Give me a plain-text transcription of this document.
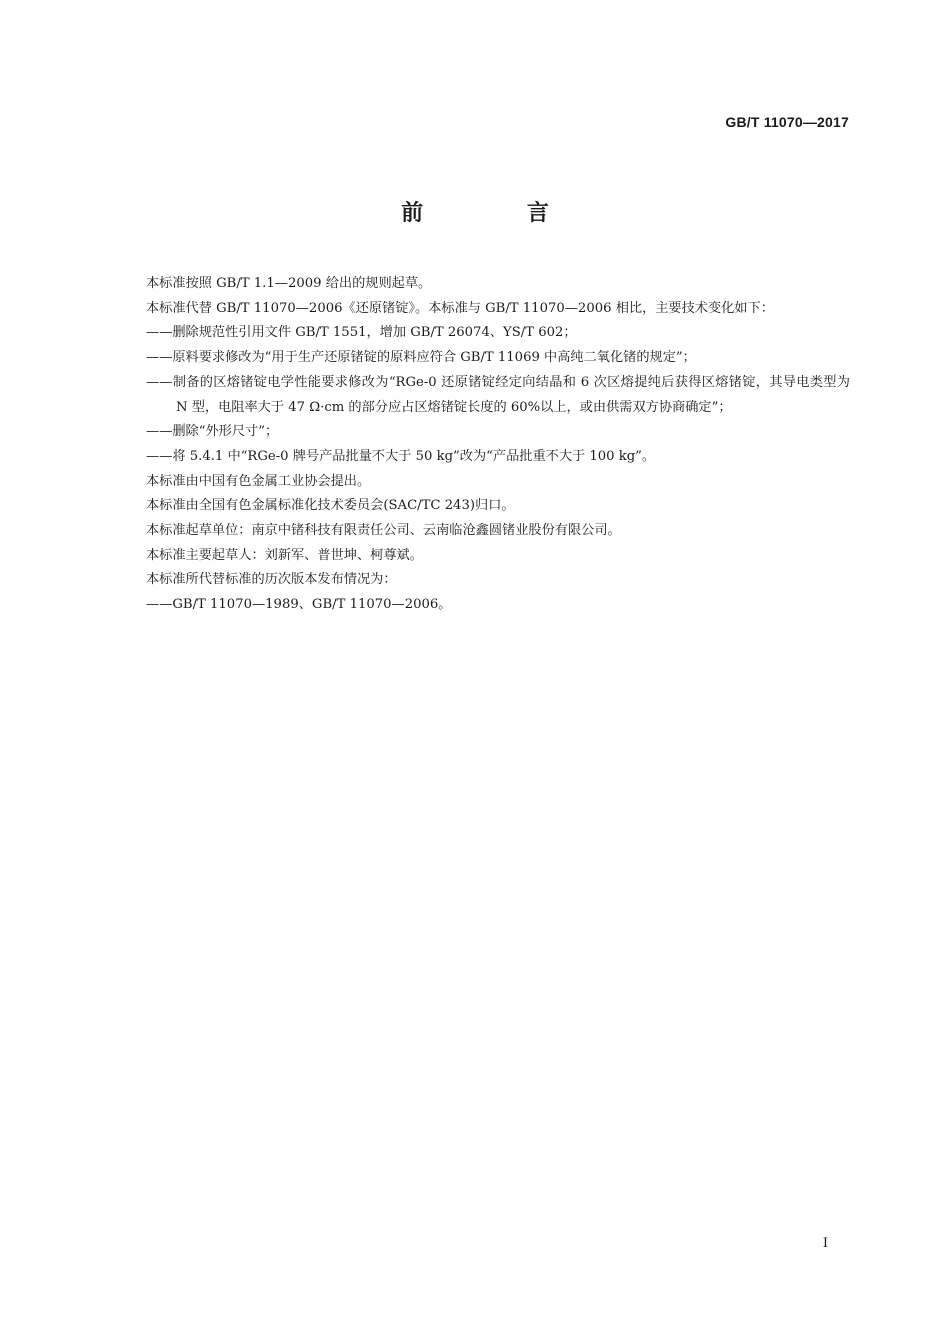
GB/T 11070—2017
前 言

本标准按照 GB/T 1.1—2009 给出的规则起草。

本标准代替 GB/T 11070—2006《还原锗锭》。本标准与 GB/T 11070—2006 相比，主要技术变化如下：

——删除规范性引用文件 GB/T 1551，增加 GB/T 26074、YS/T 602；

——原料要求修改为“用于生产还原锗锭的原料应符合 GB/T 11069 中高纯二氧化锗的规定”；

——制备的区熔锗锭电学性能要求修改为“RGe-0 还原锗锭经定向结晶和 6 次区熔提纯后获得区熔锗锭，其导电类型为 N 型，电阻率大于 47 Ω·cm 的部分应占区熔锗锭长度的 60%以上，或由供需双方协商确定”；

——删除“外形尺寸”；

——将 5.4.1 中“RGe-0 牌号产品批量不大于 50 kg”改为“产品批重不大于 100 kg”。

本标准由中国有色金属工业协会提出。

本标准由全国有色金属标准化技术委员会(SAC/TC 243)归口。

本标准起草单位：南京中锗科技有限责任公司、云南临沧鑫圆锗业股份有限公司。

本标准主要起草人：刘新军、普世坤、柯尊斌。

本标准所代替标准的历次版本发布情况为：

——GB/T 11070—1989、GB/T 11070—2006。

I
